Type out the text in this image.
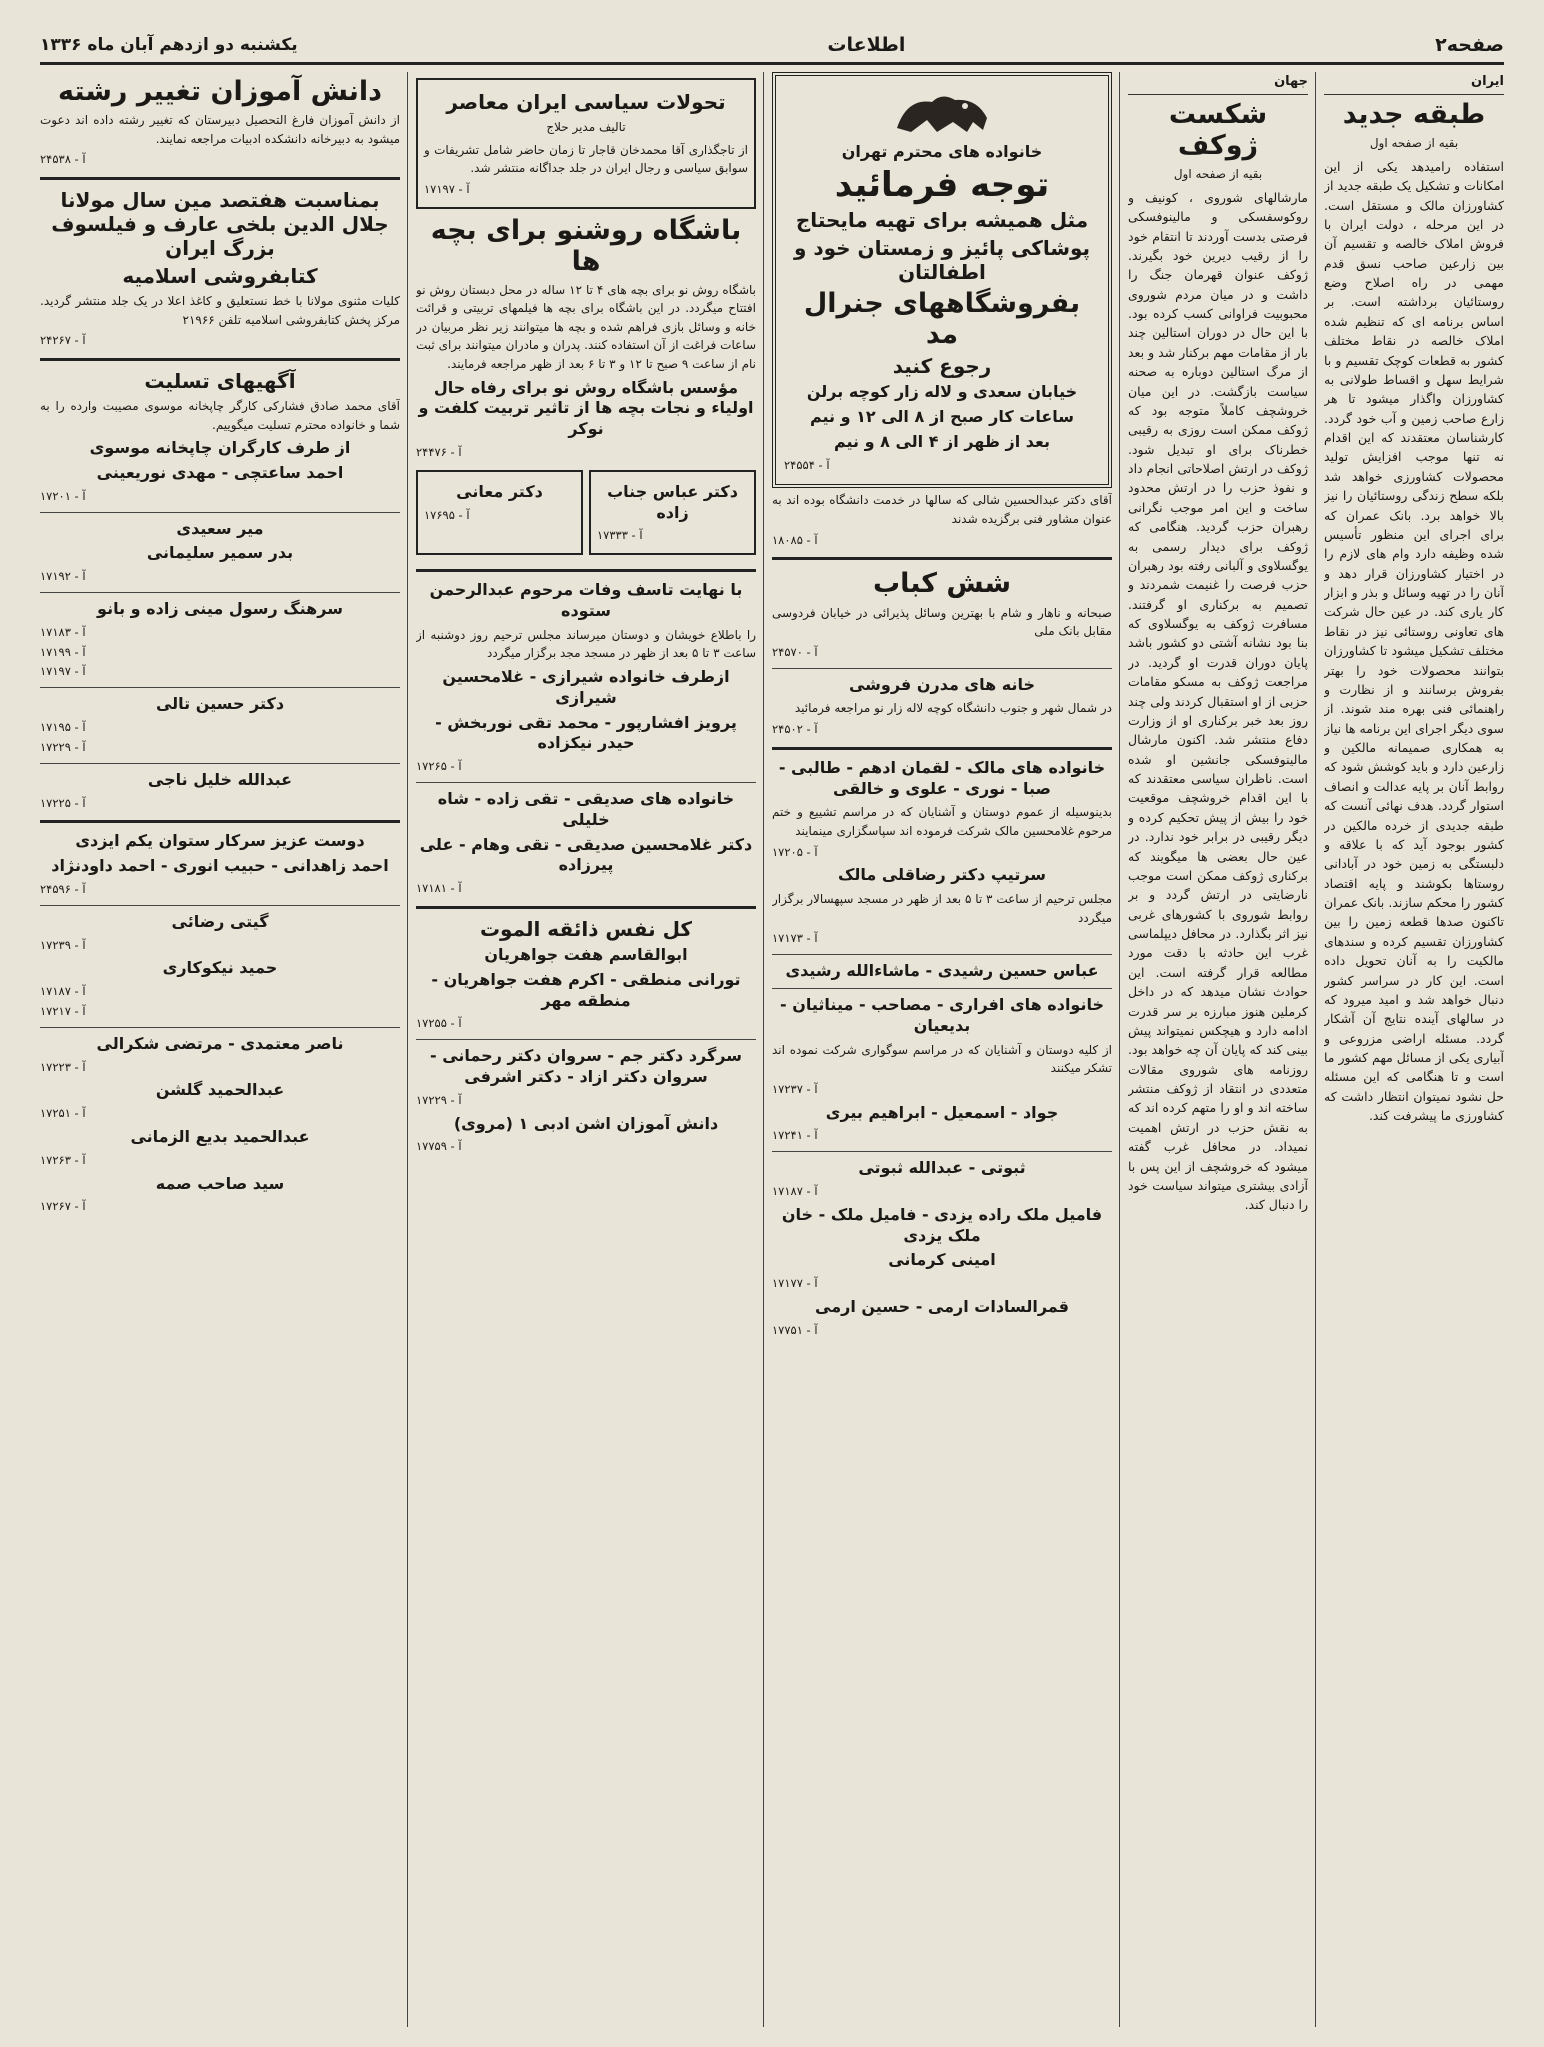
صفحه۲
اطلاعات
یکشنبه دو ازدهم آبان ماه ۱۳۳۶
ایران
طبقه جدید
بقیه از صفحه اول
استفاده رامیدهد یکی از این امکانات و تشکیل یک طبقه جدید از کشاورزان مالک و مستقل است. در این مرحله ، دولت ایران با فروش املاک خالصه و تقسیم آن بین زارعین صاحب نسق قدم مهمی در راه اصلاح وضع روستائیان برداشته است. بر اساس برنامه ای که تنظیم شده املاک خالصه در نقاط مختلف کشور به قطعات کوچک تقسیم و با شرایط سهل و اقساط طولانی به کشاورزان واگذار میشود تا هر زارع صاحب زمین و آب خود گردد. کارشناسان معتقدند که این اقدام نه تنها موجب افزایش تولید محصولات کشاورزی خواهد شد بلکه سطح زندگی روستائیان را نیز بالا خواهد برد. بانک عمران که برای اجرای این منظور تأسیس شده وظیفه دارد وام های لازم را در اختیار کشاورزان قرار دهد و آنان را در تهیه وسائل و بذر و ابزار کار یاری کند. در عین حال شرکت های تعاونی روستائی نیز در نقاط مختلف تشکیل میشود تا کشاورزان بتوانند محصولات خود را بهتر بفروش برسانند و از نظارت و راهنمائی فنی بهره مند شوند. از سوی دیگر اجرای این برنامه ها نیاز به همکاری صمیمانه مالکین و زارعین دارد و باید کوشش شود که روابط آنان بر پایه عدالت و انصاف استوار گردد. هدف نهائی آنست که طبقه جدیدی از خرده مالکین در کشور بوجود آید که با علاقه و دلبستگی به زمین خود در آبادانی روستاها بکوشند و پایه اقتصاد کشور را محکم سازند. بانک عمران تاکنون صدها قطعه زمین را بین کشاورزان تقسیم کرده و سندهای مالکیت را به آنان تحویل داده است. این کار در سراسر کشور دنبال خواهد شد و امید میرود که در سالهای آینده نتایج آن آشکار گردد. مسئله اراضی مزروعی و آبیاری یکی از مسائل مهم کشور ما است و تا هنگامی که این مسئله حل نشود نمیتوان انتظار داشت که کشاورزی ما پیشرفت کند.
جهان
شکست ژوکف
بقیه از صفحه اول
مارشالهای شوروی ، کونیف و روکوسفسکی و مالینوفسکی فرصتی بدست آوردند تا انتقام خود را از رقیب دیرین خود بگیرند. ژوکف عنوان قهرمان جنگ را داشت و در میان مردم شوروی محبوبیت فراوانی کسب کرده بود. با این حال در دوران استالین چند بار از مقامات مهم برکنار شد و بعد از مرگ استالین دوباره به صحنه سیاست بازگشت. در این میان خروشچف کاملاً متوجه بود که ژوکف ممکن است روزی به رقیبی خطرناک برای او تبدیل شود. ژوکف در ارتش اصلاحاتی انجام داد و نفوذ حزب را در ارتش محدود ساخت و این امر موجب نگرانی رهبران حزب گردید. هنگامی که ژوکف برای دیدار رسمی به یوگسلاوی و آلبانی رفته بود رهبران حزب فرصت را غنیمت شمردند و تصمیم به برکناری او گرفتند. مسافرت ژوکف به یوگسلاوی که بنا بود نشانه آشتی دو کشور باشد پایان دوران قدرت او گردید. در مراجعت ژوکف به مسکو مقامات حزبی از او استقبال کردند ولی چند روز بعد خبر برکناری او از وزارت دفاع منتشر شد. اکنون مارشال مالینوفسکی جانشین او شده است. ناظران سیاسی معتقدند که با این اقدام خروشچف موقعیت خود را بیش از پیش تحکیم کرده و دیگر رقیبی در برابر خود ندارد. در عین حال بعضی ها میگویند که برکناری ژوکف ممکن است موجب نارضایتی در ارتش گردد و بر روابط شوروی با کشورهای غربی نیز اثر بگذارد. در محافل دیپلماسی غرب این حادثه با دقت مورد مطالعه قرار گرفته است. این حوادث نشان میدهد که در داخل کرملین هنوز مبارزه بر سر قدرت ادامه دارد و هیچکس نمیتواند پیش بینی کند که پایان آن چه خواهد بود. روزنامه های شوروی مقالات متعددی در انتقاد از ژوکف منتشر ساخته اند و او را متهم کرده اند که به نقش حزب در ارتش اهمیت نمیداد. در محافل غرب گفته میشود که خروشچف از این پس با آزادی بیشتری میتواند سیاست خود را دنبال کند.
خانواده های محترم تهران
توجه فرمائید
مثل همیشه برای تهیه مایحتاج
پوشاکی پائیز و زمستان خود و اطفالتان
بفروشگاههای جنرال مد
رجوع کنید
خیابان سعدی و لاله زار کوچه برلن
ساعات کار صبح از ۸ الی ۱۲ و نیم
بعد از ظهر از ۴ الی ۸ و نیم
آ - ۲۴۵۵۴
آقای دکتر عبدالحسین شالی که سالها در خدمت دانشگاه بوده اند به عنوان مشاور فنی برگزیده شدند
آ - ۱۸۰۸۵
شش کباب
صبحانه و ناهار و شام با بهترین وسائل پذیرائی در خیابان فردوسی مقابل بانک ملی
آ - ۲۴۵۷۰
خانه های مدرن فروشی
در شمال شهر و جنوب دانشگاه کوچه لاله زار نو مراجعه فرمائید
آ - ۲۴۵۰۲
خانواده های مالک - لقمان ادهم - طالبی - صبا - نوری - علوی و خالقی
بدینوسیله از عموم دوستان و آشنایان که در مراسم تشییع و ختم مرحوم غلامحسین مالک شرکت فرموده اند سپاسگزاری مینمایند
آ - ۱۷۲۰۵
سرتیپ دکتر رضاقلی مالک
مجلس ترحیم از ساعت ۳ تا ۵ بعد از ظهر در مسجد سپهسالار برگزار میگردد
آ - ۱۷۱۷۳
عباس حسین رشیدی - ماشاءالله رشیدی
خانواده های افراری - مصاحب - میناثیان - بدیعیان
از کلیه دوستان و آشنایان که در مراسم سوگواری شرکت نموده اند تشکر میکنند
آ - ۱۷۲۳۷
جواد - اسمعیل - ابراهیم بیری
آ - ۱۷۲۴۱
ثبوتی - عبدالله ثبوتی
آ - ۱۷۱۸۷
فامیل ملک راده یزدی - فامیل ملک - خان ملک یزدی
امینی کرمانی
آ - ۱۷۱۷۷
قمرالسادات ارمی - حسین ارمی
آ - ۱۷۷۵۱
تحولات سیاسی ایران معاصر
تالیف مدیر حلاج
از تاجگذاری آقا محمدخان قاجار تا زمان حاضر شامل تشریفات و سوابق سیاسی و رجال ایران در جلد جداگانه منتشر شد.
آ - ۱۷۱۹۷
باشگاه روشنو برای بچه ها
باشگاه روش نو برای بچه های ۴ تا ۱۲ ساله در محل دبستان روش نو افتتاح میگردد. در این باشگاه برای بچه ها فیلمهای تربیتی و قرائت خانه و وسائل بازی فراهم شده و بچه ها میتوانند زیر نظر مربیان در ساعات فراغت از آن استفاده کنند. پدران و مادران میتوانند برای ثبت نام از ساعت ۹ صبح تا ۱۲ و ۳ تا ۶ بعد از ظهر مراجعه فرمایند.
مؤسس باشگاه روش نو برای رفاه حال اولیاء و نجات بچه ها از تاثیر تربیت کلفت و نوکر
آ - ۲۴۴۷۶
دکتر عباس جناب زاده
آ - ۱۷۳۳۳
دکتر معانی
آ - ۱۷۶۹۵
با نهایت تاسف وفات مرحوم عبدالرحمن ستوده
را باطلاع خویشان و دوستان میرساند مجلس ترحیم روز دوشنبه از ساعت ۳ تا ۵ بعد از ظهر در مسجد مجد برگزار میگردد
ازطرف خانواده شیرازی - غلامحسین شیرازی
پرویز افشارپور - محمد تقی نوربخش - حیدر نیکزاده
آ - ۱۷۲۶۵
خانواده های صدیقی - تقی زاده - شاه خلیلی
دکتر غلامحسین صدیقی - تقی وهام - علی پیرزاده
آ - ۱۷۱۸۱
کل نفس ذائقه الموت
ابوالقاسم هفت جواهریان
تورانی منطقی - اکرم هفت جواهریان - منطقه مهر
آ - ۱۷۲۵۵
سرگرد دکتر جم - سروان دکتر رحمانی - سروان دکتر ازاد - دکتر اشرفی
آ - ۱۷۲۲۹
دانش آموزان اشن ادبی ۱ (مروی)
آ - ۱۷۷۵۹
دانش آموزان تغییر رشته
از دانش آموزان فارغ التحصیل دبیرستان که تغییر رشته داده اند دعوت میشود به دبیرخانه دانشکده ادبیات مراجعه نمایند.
آ - ۲۴۵۳۸
بمناسبت هفتصد مین سال مولانا جلال الدین بلخی عارف و فیلسوف بزرگ ایران
کتابفروشی اسلامیه
کلیات مثنوی مولانا با خط نستعلیق و کاغذ اعلا در یک جلد منتشر گردید. مرکز پخش کتابفروشی اسلامیه تلفن ۲۱۹۶۶
آ - ۲۴۲۶۷
آگهیهای تسلیت
آقای محمد صادق فشارکی کارگر چاپخانه موسوی مصیبت وارده را به شما و خانواده محترم تسلیت میگوییم.
از طرف کارگران چاپخانه موسوی
احمد ساعتچی - مهدی نوریعینی
آ - ۱۷۲۰۱
میر سعیدی
بدر سمیر سلیمانی
آ - ۱۷۱۹۲
سرهنگ رسول مینی زاده و بانو
آ - ۱۷۱۸۳
آ - ۱۷۱۹۹
آ - ۱۷۱۹۷
دکتر حسین تالی
آ - ۱۷۱۹۵
آ - ۱۷۲۲۹
عبدالله خلیل ناجی
آ - ۱۷۲۲۵
دوست عزیز سرکار ستوان یکم ایزدی
احمد زاهدانی - حبیب انوری - احمد داودنژاد
آ - ۲۴۵۹۶
گیتی رضائی
آ - ۱۷۲۳۹
حمید نیکوکاری
آ - ۱۷۱۸۷
آ - ۱۷۲۱۷
ناصر معتمدی - مرتضی شکرالی
آ - ۱۷۲۲۳
عبدالحمید گلشن
آ - ۱۷۲۵۱
عبدالحمید بدیع الزمانی
آ - ۱۷۲۶۳
سید صاحب صمه
آ - ۱۷۲۶۷
